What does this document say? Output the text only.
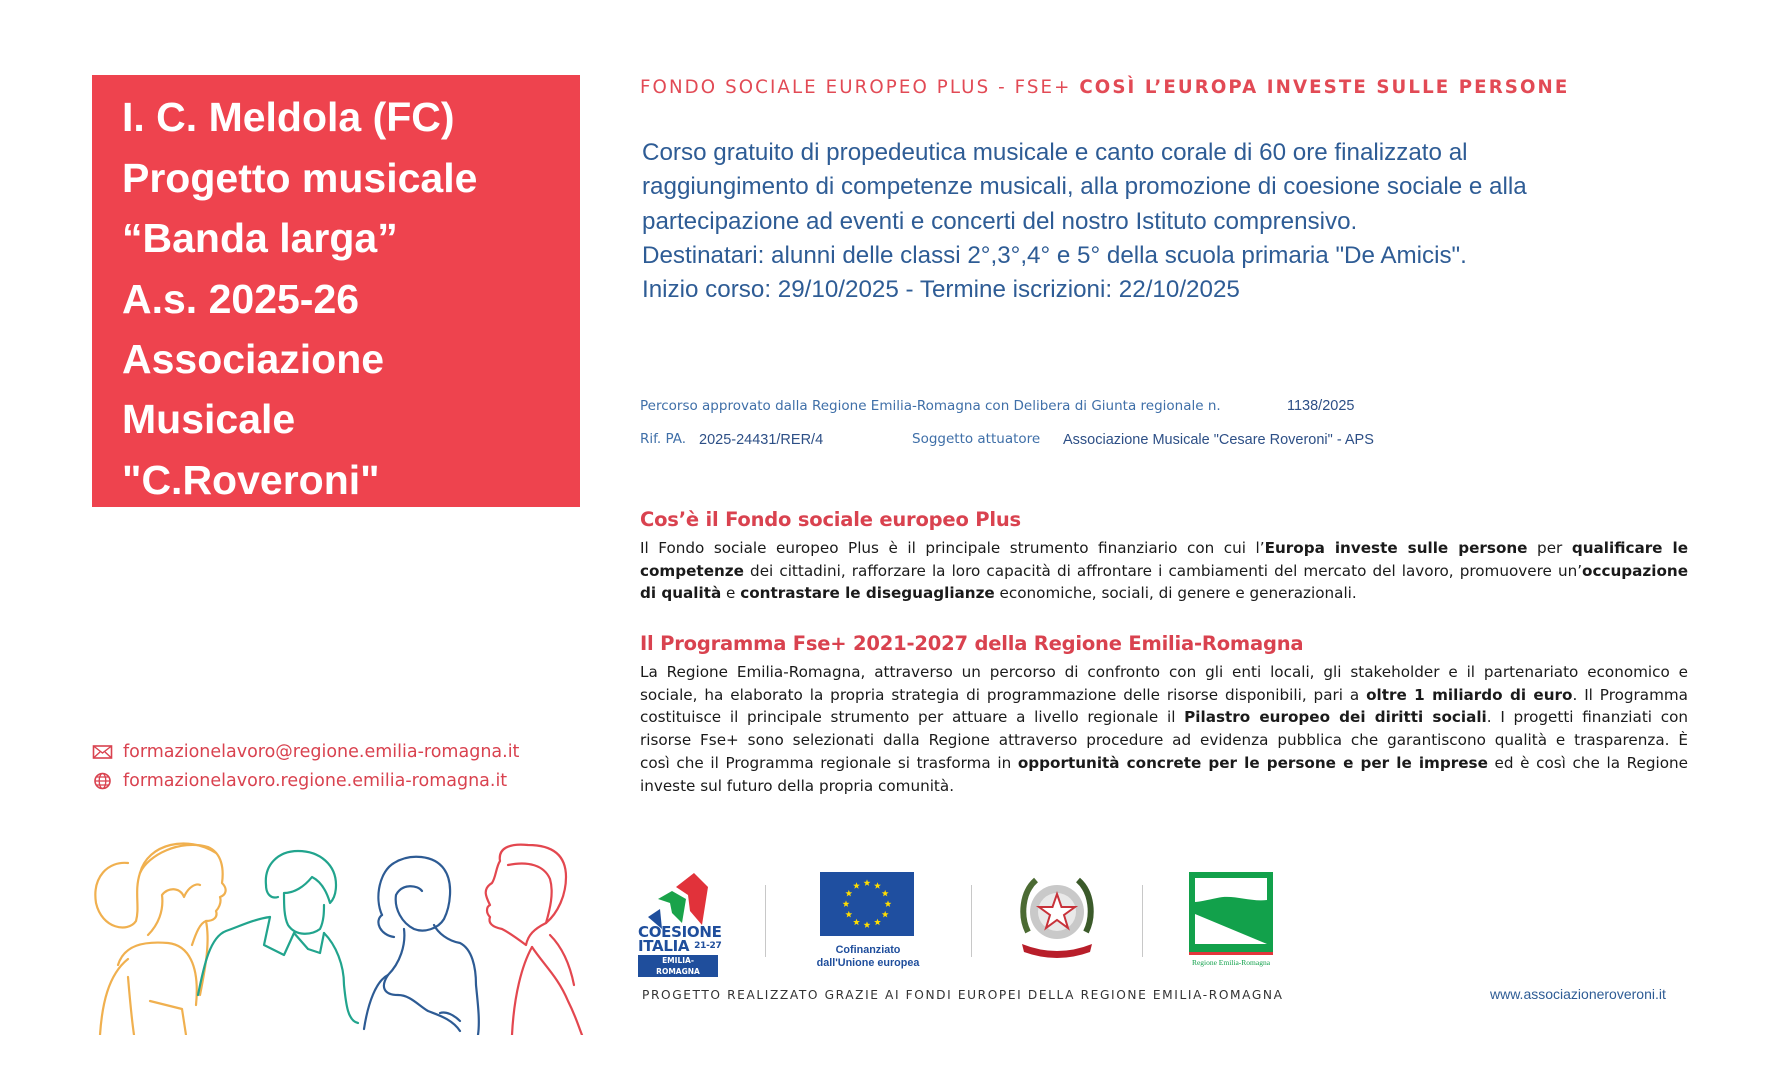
I. C. Meldola (FC)
Progetto musicale
“Banda larga”
A.s. 2025-26
Associazione
Musicale
"C.Roveroni"
FONDO SOCIALE EUROPEO PLUS - FSE+ COSÌ L’EUROPA INVESTE SULLE PERSONE
Corso gratuito di propedeutica musicale e canto corale di 60 ore finalizzato al
raggiungimento di competenze musicali, alla promozione di coesione sociale e alla
partecipazione ad eventi e concerti del nostro Istituto comprensivo.
Destinatari: alunni delle classi 2°,3°,4° e 5° della scuola primaria "De Amicis".
Inizio corso: 29/10/2025 - Termine iscrizioni: 22/10/2025
Percorso approvato dalla Regione Emilia-Romagna con Delibera di Giunta regionale n.	1138/2025
Rif. PA. 2025-24431/RER/4	Soggetto attuatore Associazione Musicale "Cesare Roveroni" - APS
Cos’è il Fondo sociale europeo Plus
Il Fondo sociale europeo Plus è il principale strumento finanziario con cui l’Europa investe sulle persone per qualificare le
competenze dei cittadini, rafforzare la loro capacità di affrontare i cambiamenti del mercato del lavoro, promuovere un’occupazione
di qualità e contrastare le diseguaglianze economiche, sociali, di genere e generazionali.
Il Programma Fse+ 2021-2027 della Regione Emilia-Romagna
La Regione Emilia-Romagna, attraverso un percorso di confronto con gli enti locali, gli stakeholder e il partenariato economico e
sociale, ha elaborato la propria strategia di programmazione delle risorse disponibili, pari a oltre 1 miliardo di euro. Il Programma
costituisce il principale strumento per attuare a livello regionale il Pilastro europeo dei diritti sociali. I progetti finanziati con
risorse Fse+ sono selezionati dalla Regione attraverso procedure ad evidenza pubblica che garantiscono qualità e trasparenza. È
così che il Programma regionale si trasforma in opportunità concrete per le persone e per le imprese ed è così che la Regione
investe sul futuro della propria comunità.
formazionelavoro@regione.emilia-romagna.it
formazionelavoro.regione.emilia-romagna.it
COESIONE
ITALIA $^{21-27}$
EMILIA-ROMAGNA
Cofinanziato
dall'Unione europea	Regione Emilia-Romagna
PROGETTO REALIZZATO GRAZIE AI FONDI EUROPEI DELLA REGIONE EMILIA-ROMAGNA	www.associazioneroveroni.it
